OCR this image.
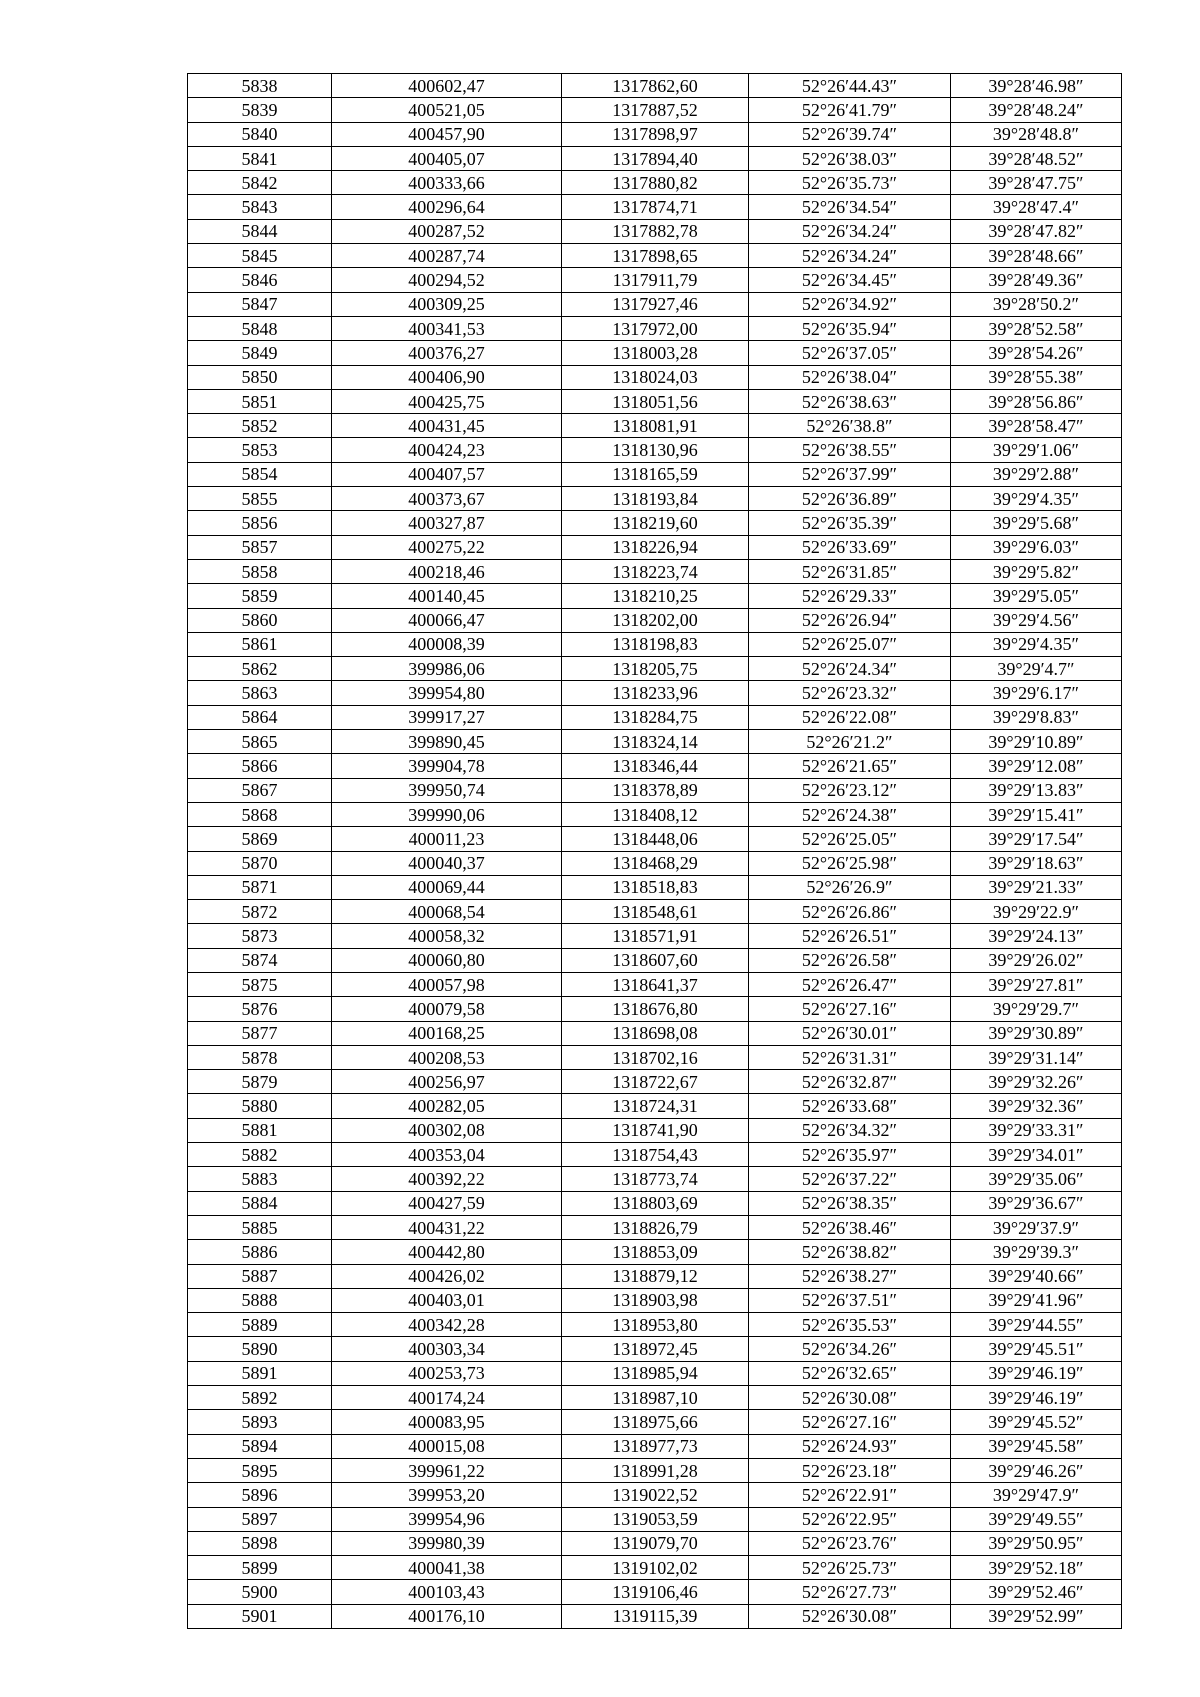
5838	400602,47	1317862,60	52°26′44.43″	39°28′46.98″
5839	400521,05	1317887,52	52°26′41.79″	39°28′48.24″
5840	400457,90	1317898,97	52°26′39.74″	39°28′48.8″
5841	400405,07	1317894,40	52°26′38.03″	39°28′48.52″
5842	400333,66	1317880,82	52°26′35.73″	39°28′47.75″
5843	400296,64	1317874,71	52°26′34.54″	39°28′47.4″
5844	400287,52	1317882,78	52°26′34.24″	39°28′47.82″
5845	400287,74	1317898,65	52°26′34.24″	39°28′48.66″
5846	400294,52	1317911,79	52°26′34.45″	39°28′49.36″
5847	400309,25	1317927,46	52°26′34.92″	39°28′50.2″
5848	400341,53	1317972,00	52°26′35.94″	39°28′52.58″
5849	400376,27	1318003,28	52°26′37.05″	39°28′54.26″
5850	400406,90	1318024,03	52°26′38.04″	39°28′55.38″
5851	400425,75	1318051,56	52°26′38.63″	39°28′56.86″
5852	400431,45	1318081,91	52°26′38.8″	39°28′58.47″
5853	400424,23	1318130,96	52°26′38.55″	39°29′1.06″
5854	400407,57	1318165,59	52°26′37.99″	39°29′2.88″
5855	400373,67	1318193,84	52°26′36.89″	39°29′4.35″
5856	400327,87	1318219,60	52°26′35.39″	39°29′5.68″
5857	400275,22	1318226,94	52°26′33.69″	39°29′6.03″
5858	400218,46	1318223,74	52°26′31.85″	39°29′5.82″
5859	400140,45	1318210,25	52°26′29.33″	39°29′5.05″
5860	400066,47	1318202,00	52°26′26.94″	39°29′4.56″
5861	400008,39	1318198,83	52°26′25.07″	39°29′4.35″
5862	399986,06	1318205,75	52°26′24.34″	39°29′4.7″
5863	399954,80	1318233,96	52°26′23.32″	39°29′6.17″
5864	399917,27	1318284,75	52°26′22.08″	39°29′8.83″
5865	399890,45	1318324,14	52°26′21.2″	39°29′10.89″
5866	399904,78	1318346,44	52°26′21.65″	39°29′12.08″
5867	399950,74	1318378,89	52°26′23.12″	39°29′13.83″
5868	399990,06	1318408,12	52°26′24.38″	39°29′15.41″
5869	400011,23	1318448,06	52°26′25.05″	39°29′17.54″
5870	400040,37	1318468,29	52°26′25.98″	39°29′18.63″
5871	400069,44	1318518,83	52°26′26.9″	39°29′21.33″
5872	400068,54	1318548,61	52°26′26.86″	39°29′22.9″
5873	400058,32	1318571,91	52°26′26.51″	39°29′24.13″
5874	400060,80	1318607,60	52°26′26.58″	39°29′26.02″
5875	400057,98	1318641,37	52°26′26.47″	39°29′27.81″
5876	400079,58	1318676,80	52°26′27.16″	39°29′29.7″
5877	400168,25	1318698,08	52°26′30.01″	39°29′30.89″
5878	400208,53	1318702,16	52°26′31.31″	39°29′31.14″
5879	400256,97	1318722,67	52°26′32.87″	39°29′32.26″
5880	400282,05	1318724,31	52°26′33.68″	39°29′32.36″
5881	400302,08	1318741,90	52°26′34.32″	39°29′33.31″
5882	400353,04	1318754,43	52°26′35.97″	39°29′34.01″
5883	400392,22	1318773,74	52°26′37.22″	39°29′35.06″
5884	400427,59	1318803,69	52°26′38.35″	39°29′36.67″
5885	400431,22	1318826,79	52°26′38.46″	39°29′37.9″
5886	400442,80	1318853,09	52°26′38.82″	39°29′39.3″
5887	400426,02	1318879,12	52°26′38.27″	39°29′40.66″
5888	400403,01	1318903,98	52°26′37.51″	39°29′41.96″
5889	400342,28	1318953,80	52°26′35.53″	39°29′44.55″
5890	400303,34	1318972,45	52°26′34.26″	39°29′45.51″
5891	400253,73	1318985,94	52°26′32.65″	39°29′46.19″
5892	400174,24	1318987,10	52°26′30.08″	39°29′46.19″
5893	400083,95	1318975,66	52°26′27.16″	39°29′45.52″
5894	400015,08	1318977,73	52°26′24.93″	39°29′45.58″
5895	399961,22	1318991,28	52°26′23.18″	39°29′46.26″
5896	399953,20	1319022,52	52°26′22.91″	39°29′47.9″
5897	399954,96	1319053,59	52°26′22.95″	39°29′49.55″
5898	399980,39	1319079,70	52°26′23.76″	39°29′50.95″
5899	400041,38	1319102,02	52°26′25.73″	39°29′52.18″
5900	400103,43	1319106,46	52°26′27.73″	39°29′52.46″
5901	400176,10	1319115,39	52°26′30.08″	39°29′52.99″
